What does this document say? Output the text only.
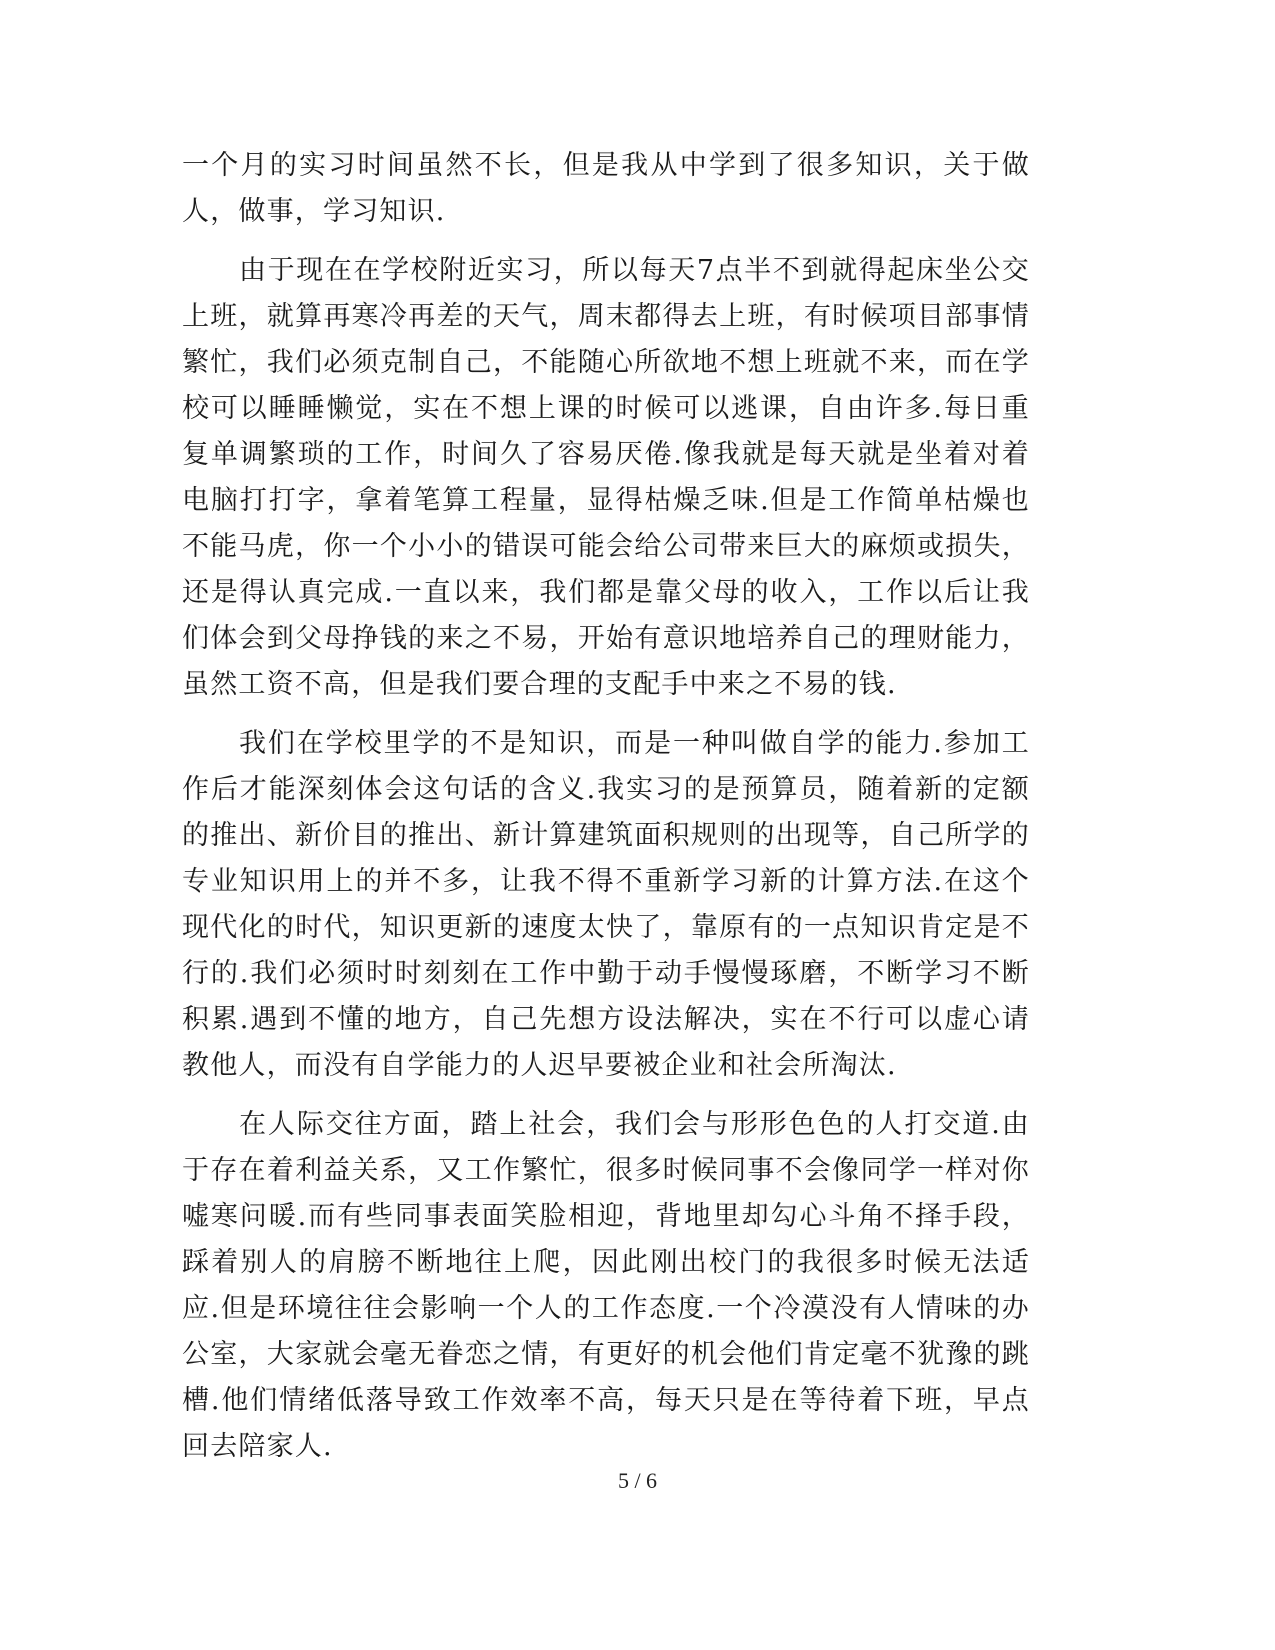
一个月的实习时间虽然不长，但是我从中学到了很多知识，关于做人，做事，学习知识.

由于现在在学校附近实习，所以每天7点半不到就得起床坐公交上班，就算再寒冷再差的天气，周末都得去上班，有时候项目部事情繁忙，我们必须克制自己，不能随心所欲地不想上班就不来，而在学校可以睡睡懒觉，实在不想上课的时候可以逃课，自由许多.每日重复单调繁琐的工作，时间久了容易厌倦.像我就是每天就是坐着对着电脑打打字，拿着笔算工程量，显得枯燥乏味.但是工作简单枯燥也不能马虎，你一个小小的错误可能会给公司带来巨大的麻烦或损失，还是得认真完成.一直以来，我们都是靠父母的收入，工作以后让我们体会到父母挣钱的来之不易，开始有意识地培养自己的理财能力，虽然工资不高，但是我们要合理的支配手中来之不易的钱.

我们在学校里学的不是知识，而是一种叫做自学的能力.参加工作后才能深刻体会这句话的含义.我实习的是预算员，随着新的定额的推出、新价目的推出、新计算建筑面积规则的出现等，自己所学的专业知识用上的并不多，让我不得不重新学习新的计算方法.在这个现代化的时代，知识更新的速度太快了，靠原有的一点知识肯定是不行的.我们必须时时刻刻在工作中勤于动手慢慢琢磨，不断学习不断积累.遇到不懂的地方，自己先想方设法解决，实在不行可以虚心请教他人，而没有自学能力的人迟早要被企业和社会所淘汰.

在人际交往方面，踏上社会，我们会与形形色色的人打交道.由于存在着利益关系，又工作繁忙，很多时候同事不会像同学一样对你嘘寒问暖.而有些同事表面笑脸相迎，背地里却勾心斗角不择手段，踩着别人的肩膀不断地往上爬，因此刚出校门的我很多时候无法适应.但是环境往往会影响一个人的工作态度.一个冷漠没有人情味的办公室，大家就会毫无眷恋之情，有更好的机会他们肯定毫不犹豫的跳槽.他们情绪低落导致工作效率不高，每天只是在等待着下班，早点回去陪家人.

5 / 6
